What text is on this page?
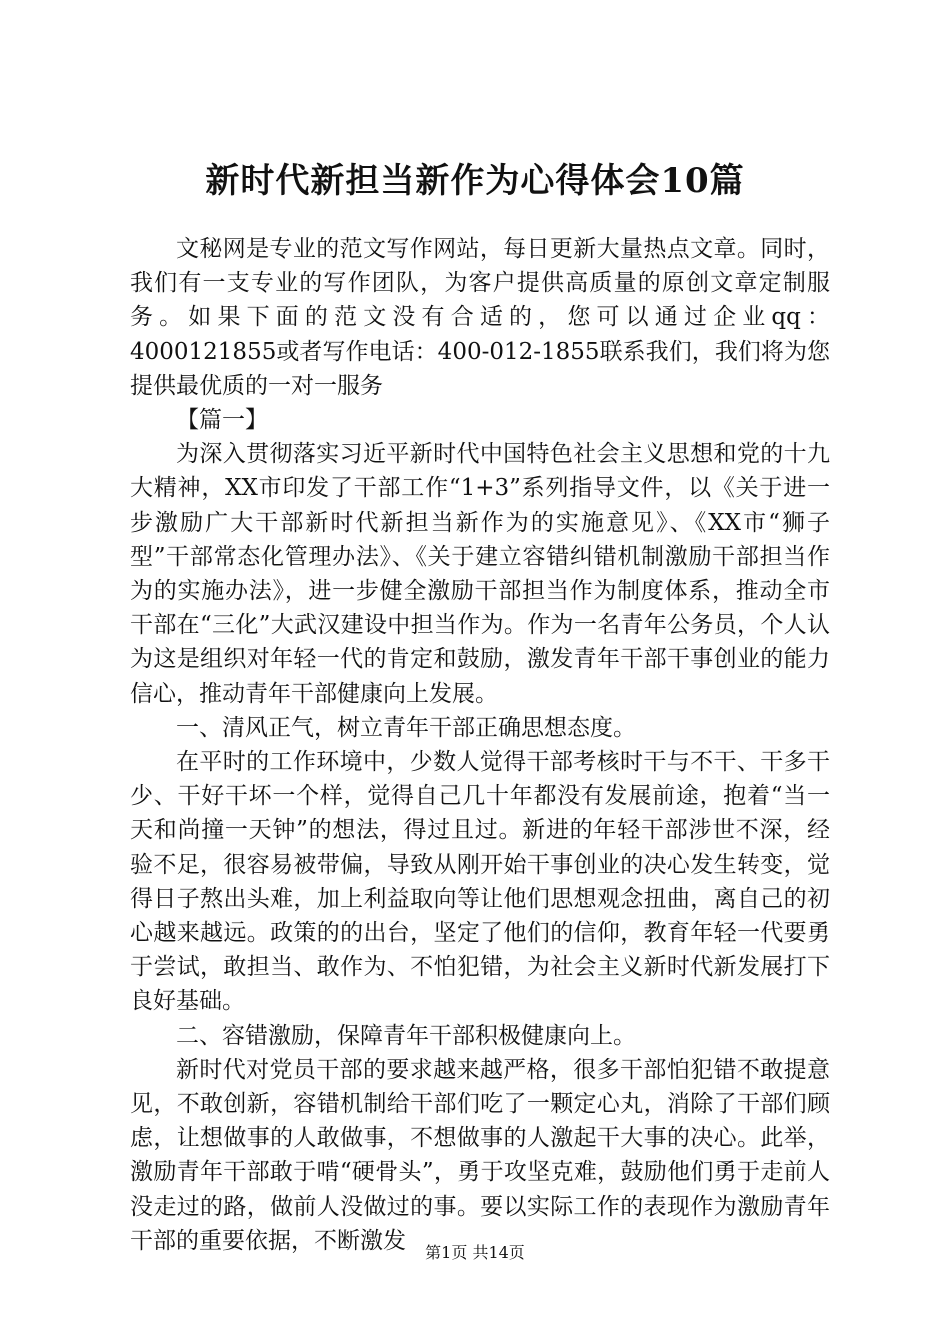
新时代新担当新作为心得体会10篇

文秘网是专业的范文写作网站，每日更新大量热点文章。同时，我们有一支专业的写作团队，为客户提供高质量的原创文章定制服务。如果下面的范文没有合适的，您可以通过企业qq：4000121855或者写作电话：400-012-1855联系我们，我们将为您提供最优质的一对一服务

【篇一】

为深入贯彻落实习近平新时代中国特色社会主义思想和党的十九大精神，XX市印发了干部工作“1+3”系列指导文件，以《关于进一步激励广大干部新时代新担当新作为的实施意见》、《XX市“狮子型”干部常态化管理办法》、《关于建立容错纠错机制激励干部担当作为的实施办法》，进一步健全激励干部担当作为制度体系，推动全市干部在“三化”大武汉建设中担当作为。作为一名青年公务员，个人认为这是组织对年轻一代的肯定和鼓励，激发青年干部干事创业的能力信心，推动青年干部健康向上发展。

一、清风正气，树立青年干部正确思想态度。

在平时的工作环境中，少数人觉得干部考核时干与不干、干多干少、干好干坏一个样，觉得自己几十年都没有发展前途，抱着“当一天和尚撞一天钟”的想法，得过且过。新进的年轻干部涉世不深，经验不足，很容易被带偏，导致从刚开始干事创业的决心发生转变，觉得日子熬出头难，加上利益取向等让他们思想观念扭曲，离自己的初心越来越远。政策的的出台，坚定了他们的信仰，教育年轻一代要勇于尝试，敢担当、敢作为、不怕犯错，为社会主义新时代新发展打下良好基础。

二、容错激励，保障青年干部积极健康向上。

新时代对党员干部的要求越来越严格，很多干部怕犯错不敢提意见，不敢创新，容错机制给干部们吃了一颗定心丸，消除了干部们顾虑，让想做事的人敢做事，不想做事的人激起干大事的决心。此举，激励青年干部敢于啃“硬骨头”，勇于攻坚克难，鼓励他们勇于走前人没走过的路，做前人没做过的事。要以实际工作的表现作为激励青年干部的重要依据，不断激发	第1页 共14页
